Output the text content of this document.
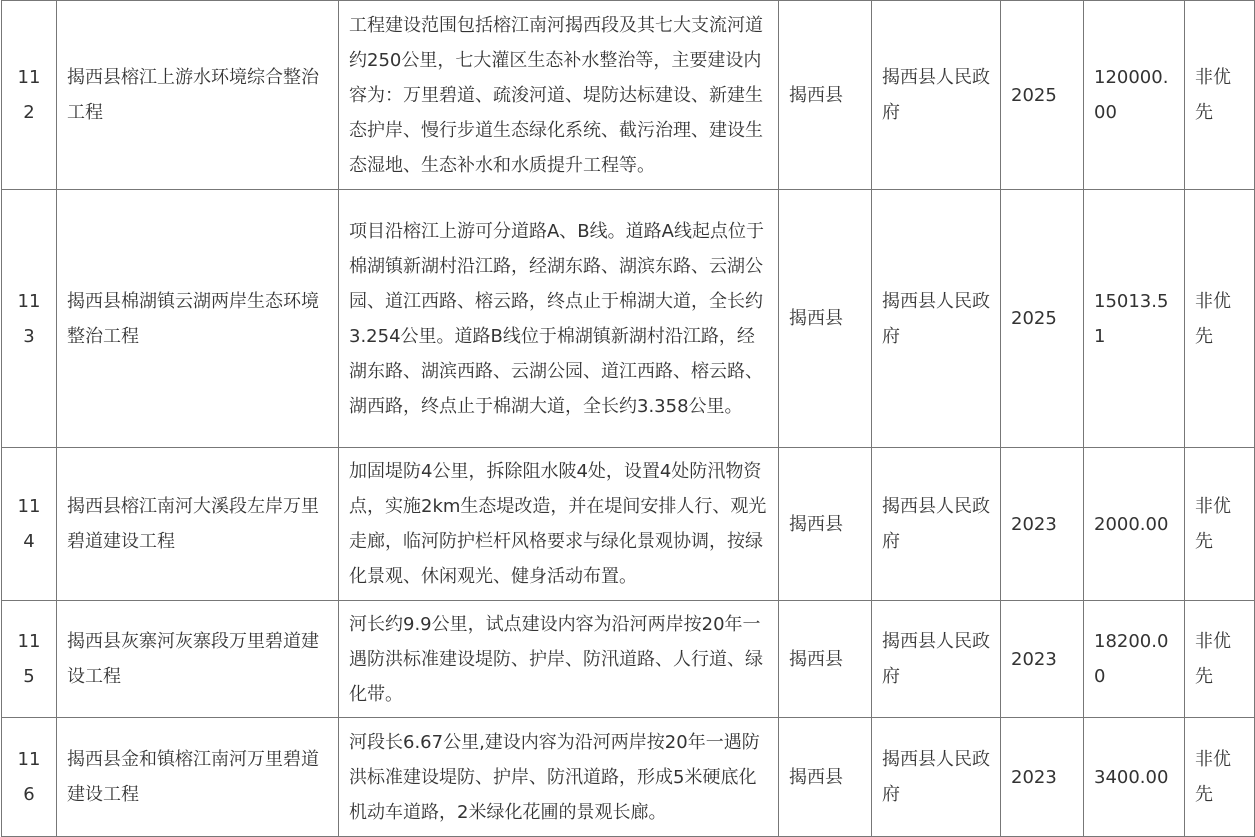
112	揭西县榕江上游水环境综合整治工程	工程建设范围包括榕江南河揭西段及其七大支流河道约250公里，七大灌区生态补水整治等，主要建设内容为：万里碧道、疏浚河道、堤防达标建设、新建生态护岸、慢行步道生态绿化系统、截污治理、建设生态湿地、生态补水和水质提升工程等。	揭西县	揭西县人民政府	2025	120000.00	非优先
113	揭西县棉湖镇云湖两岸生态环境整治工程	项目沿榕江上游可分道路A、B线。道路A线起点位于棉湖镇新湖村沿江路，经湖东路、湖滨东路、云湖公园、道江西路、榕云路，终点止于棉湖大道，全长约3.254公里。道路B线位于棉湖镇新湖村沿江路，经湖东路、湖滨西路、云湖公园、道江西路、榕云路、湖西路，终点止于棉湖大道，全长约3.358公里。	揭西县	揭西县人民政府	2025	15013.51	非优先
114	揭西县榕江南河大溪段左岸万里碧道建设工程	加固堤防4公里，拆除阻水陂4处，设置4处防汛物资点，实施2km生态堤改造，并在堤间安排人行、观光走廊，临河防护栏杆风格要求与绿化景观协调，按绿化景观、休闲观光、健身活动布置。	揭西县	揭西县人民政府	2023	2000.00	非优先
115	揭西县灰寨河灰寨段万里碧道建设工程	河长约9.9公里，试点建设内容为沿河两岸按20年一遇防洪标准建设堤防、护岸、防汛道路、人行道、绿化带。	揭西县	揭西县人民政府	2023	18200.00	非优先
116	揭西县金和镇榕江南河万里碧道建设工程	河段长6.67公里,建设内容为沿河两岸按20年一遇防洪标准建设堤防、护岸、防汛道路，形成5米硬底化机动车道路，2米绿化花圃的景观长廊。	揭西县	揭西县人民政府	2023	3400.00	非优先
